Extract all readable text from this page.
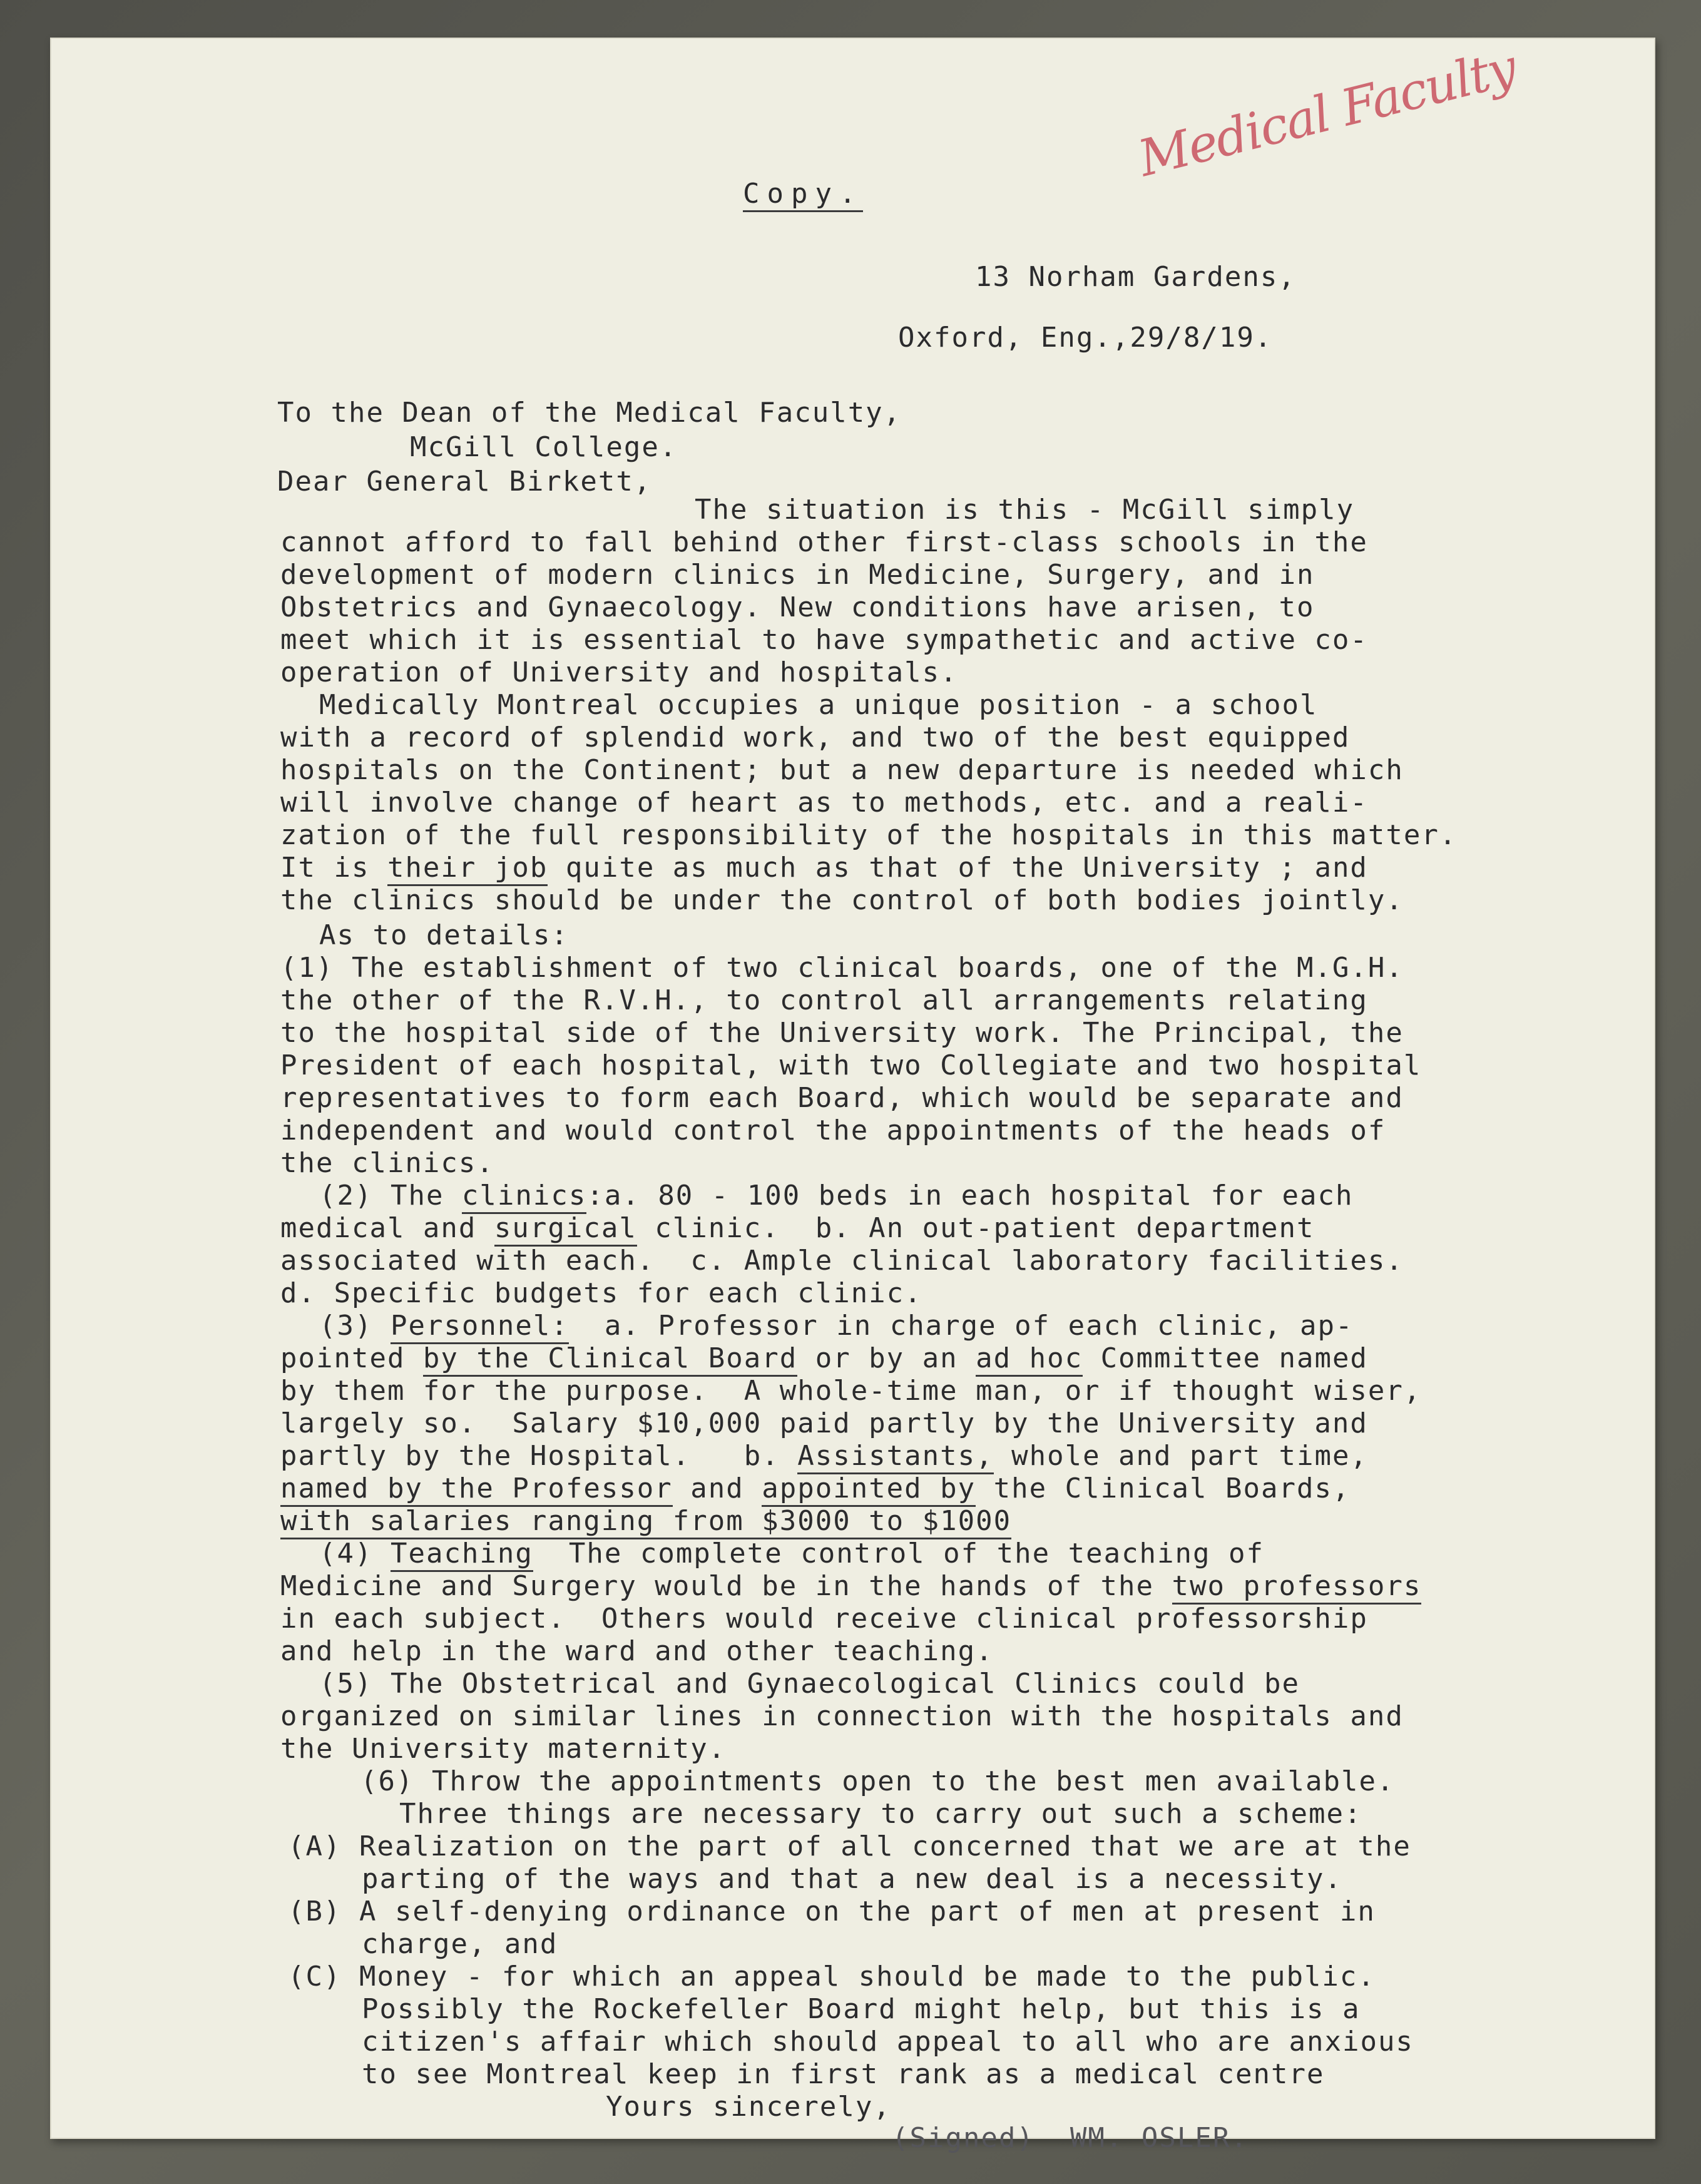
Medical Faculty
Copy.
13 Norham Gardens,
Oxford, Eng.,29/8/19.
To the Dean of the Medical Faculty,
McGill College.
Dear General Birkett,
The situation is this - McGill simply
cannot afford to fall behind other first-class schools in the
development of modern clinics in Medicine, Surgery, and in
Obstetrics and Gynaecology. New conditions have arisen, to
meet which it is essential to have sympathetic and active co-
operation of University and hospitals.
Medically Montreal occupies a unique position - a school
with a record of splendid work, and two of the best equipped
hospitals on the Continent; but a new departure is needed which
will involve change of heart as to methods, etc. and a reali-
zation of the full responsibility of the hospitals in this matter.
It is their job quite as much as that of the University ; and
the clinics should be under the control of both bodies jointly.
As to details:
(1) The establishment of two clinical boards, one of the M.G.H.
the other of the R.V.H., to control all arrangements relating
to the hospital side of the University work. The Principal, the
President of each hospital, with two Collegiate and two hospital
representatives to form each Board, which would be separate and
independent and would control the appointments of the heads of
the clinics.
(2) The clinics:a. 80 - 100 beds in each hospital for each
medical and surgical clinic.  b. An out-patient department
associated with each.  c. Ample clinical laboratory facilities.
d. Specific budgets for each clinic.
(3) Personnel:  a. Professor in charge of each clinic, ap-
pointed by the Clinical Board or by an ad hoc Committee named
by them for the purpose.  A whole-time man, or if thought wiser,
largely so.  Salary $10,000 paid partly by the University and
partly by the Hospital.   b. Assistants, whole and part time,
named by the Professor and appointed by the Clinical Boards,
with salaries ranging from $3000 to $1000
(4) Teaching  The complete control of the teaching of
Medicine and Surgery would be in the hands of the two professors
in each subject.  Others would receive clinical professorship
and help in the ward and other teaching.
(5) The Obstetrical and Gynaecological Clinics could be
organized on similar lines in connection with the hospitals and
the University maternity.
(6) Throw the appointments open to the best men available.
Three things are necessary to carry out such a scheme:
(A) Realization on the part of all concerned that we are at the
parting of the ways and that a new deal is a necessity.
(B) A self-denying ordinance on the part of men at present in
charge, and
(C) Money - for which an appeal should be made to the public.
Possibly the Rockefeller Board might help, but this is a
citizen's affair which should appeal to all who are anxious
to see Montreal keep in first rank as a medical centre
Yours sincerely,
(Signed)  WM. OSLER.
